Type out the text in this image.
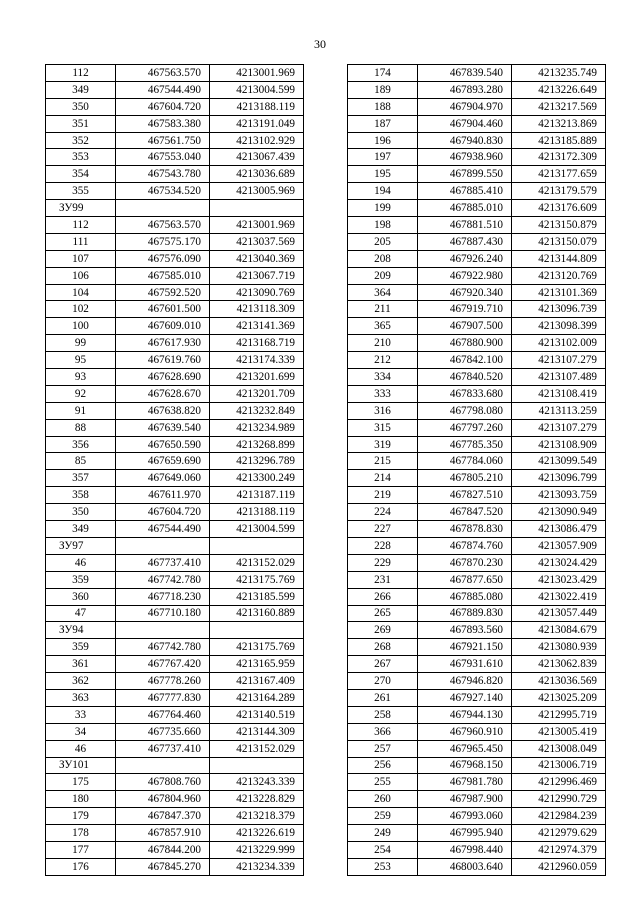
30
112	467563.570	4213001.969
349	467544.490	4213004.599
350	467604.720	4213188.119
351	467583.380	4213191.049
352	467561.750	4213102.929
353	467553.040	4213067.439
354	467543.780	4213036.689
355	467534.520	4213005.969
ЗУ99		
112	467563.570	4213001.969
111	467575.170	4213037.569
107	467576.090	4213040.369
106	467585.010	4213067.719
104	467592.520	4213090.769
102	467601.500	4213118.309
100	467609.010	4213141.369
99	467617.930	4213168.719
95	467619.760	4213174.339
93	467628.690	4213201.699
92	467628.670	4213201.709
91	467638.820	4213232.849
88	467639.540	4213234.989
356	467650.590	4213268.899
85	467659.690	4213296.789
357	467649.060	4213300.249
358	467611.970	4213187.119
350	467604.720	4213188.119
349	467544.490	4213004.599
ЗУ97		
46	467737.410	4213152.029
359	467742.780	4213175.769
360	467718.230	4213185.599
47	467710.180	4213160.889
ЗУ94		
359	467742.780	4213175.769
361	467767.420	4213165.959
362	467778.260	4213167.409
363	467777.830	4213164.289
33	467764.460	4213140.519
34	467735.660	4213144.309
46	467737.410	4213152.029
ЗУ101		
175	467808.760	4213243.339
180	467804.960	4213228.829
179	467847.370	4213218.379
178	467857.910	4213226.619
177	467844.200	4213229.999
176	467845.270	4213234.339
174	467839.540	4213235.749
189	467893.280	4213226.649
188	467904.970	4213217.569
187	467904.460	4213213.869
196	467940.830	4213185.889
197	467938.960	4213172.309
195	467899.550	4213177.659
194	467885.410	4213179.579
199	467885.010	4213176.609
198	467881.510	4213150.879
205	467887.430	4213150.079
208	467926.240	4213144.809
209	467922.980	4213120.769
364	467920.340	4213101.369
211	467919.710	4213096.739
365	467907.500	4213098.399
210	467880.900	4213102.009
212	467842.100	4213107.279
334	467840.520	4213107.489
333	467833.680	4213108.419
316	467798.080	4213113.259
315	467797.260	4213107.279
319	467785.350	4213108.909
215	467784.060	4213099.549
214	467805.210	4213096.799
219	467827.510	4213093.759
224	467847.520	4213090.949
227	467878.830	4213086.479
228	467874.760	4213057.909
229	467870.230	4213024.429
231	467877.650	4213023.429
266	467885.080	4213022.419
265	467889.830	4213057.449
269	467893.560	4213084.679
268	467921.150	4213080.939
267	467931.610	4213062.839
270	467946.820	4213036.569
261	467927.140	4213025.209
258	467944.130	4212995.719
366	467960.910	4213005.419
257	467965.450	4213008.049
256	467968.150	4213006.719
255	467981.780	4212996.469
260	467987.900	4212990.729
259	467993.060	4212984.239
249	467995.940	4212979.629
254	467998.440	4212974.379
253	468003.640	4212960.059
